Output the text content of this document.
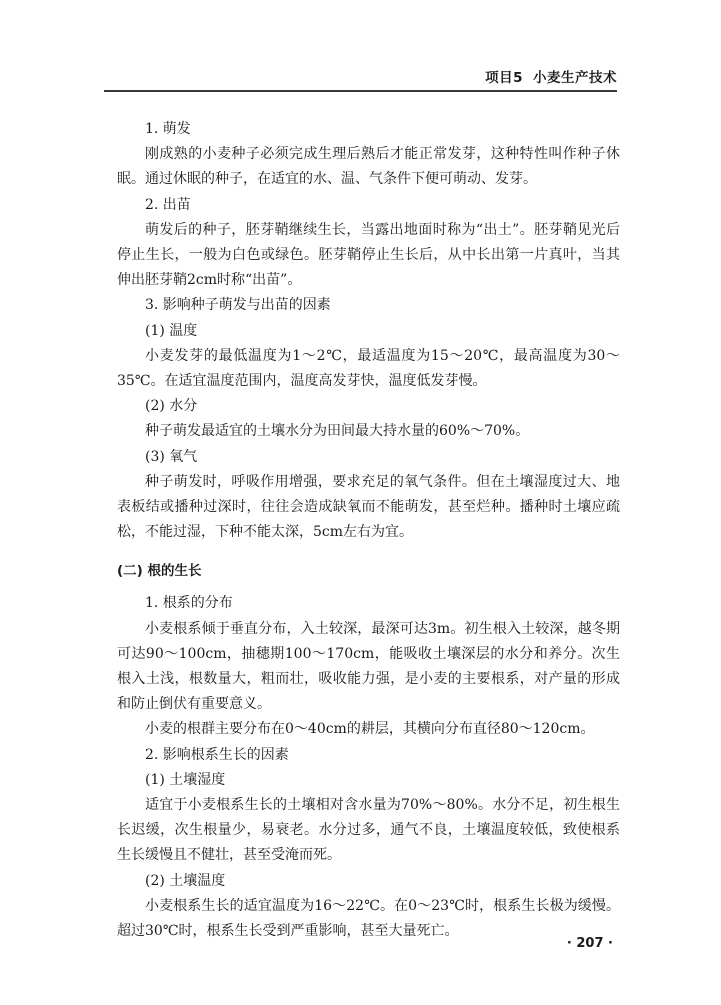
项目5 小麦生产技术

1. 萌发

刚成熟的小麦种子必须完成生理后熟后才能正常发芽，这种特性叫作种子休眠。通过休眠的种子，在适宜的水、温、气条件下便可萌动、发芽。

2. 出苗

萌发后的种子，胚芽鞘继续生长，当露出地面时称为“出土”。胚芽鞘见光后停止生长，一般为白色或绿色。胚芽鞘停止生长后，从中长出第一片真叶，当其伸出胚芽鞘2cm时称“出苗”。

3. 影响种子萌发与出苗的因素

(1) 温度

小麦发芽的最低温度为1～2℃，最适温度为15～20℃，最高温度为30～35℃。在适宜温度范围内，温度高发芽快，温度低发芽慢。

(2) 水分

种子萌发最适宜的土壤水分为田间最大持水量的60%～70%。

(3) 氧气

种子萌发时，呼吸作用增强，要求充足的氧气条件。但在土壤湿度过大、地表板结或播种过深时，往往会造成缺氧而不能萌发，甚至烂种。播种时土壤应疏松，不能过湿，下种不能太深，5cm左右为宜。

(二) 根的生长

1. 根系的分布

小麦根系倾于垂直分布，入土较深，最深可达3m。初生根入土较深，越冬期可达90～100cm，抽穗期100～170cm，能吸收土壤深层的水分和养分。次生根入土浅，根数量大，粗而壮，吸收能力强，是小麦的主要根系，对产量的形成和防止倒伏有重要意义。

小麦的根群主要分布在0～40cm的耕层，其横向分布直径80～120cm。

2. 影响根系生长的因素

(1) 土壤湿度

适宜于小麦根系生长的土壤相对含水量为70%～80%。水分不足，初生根生长迟缓，次生根量少，易衰老。水分过多，通气不良，土壤温度较低，致使根系生长缓慢且不健壮，甚至受淹而死。

(2) 土壤温度

小麦根系生长的适宜温度为16～22℃。在0～23℃时，根系生长极为缓慢。超过30℃时，根系生长受到严重影响，甚至大量死亡。

· 207 ·
